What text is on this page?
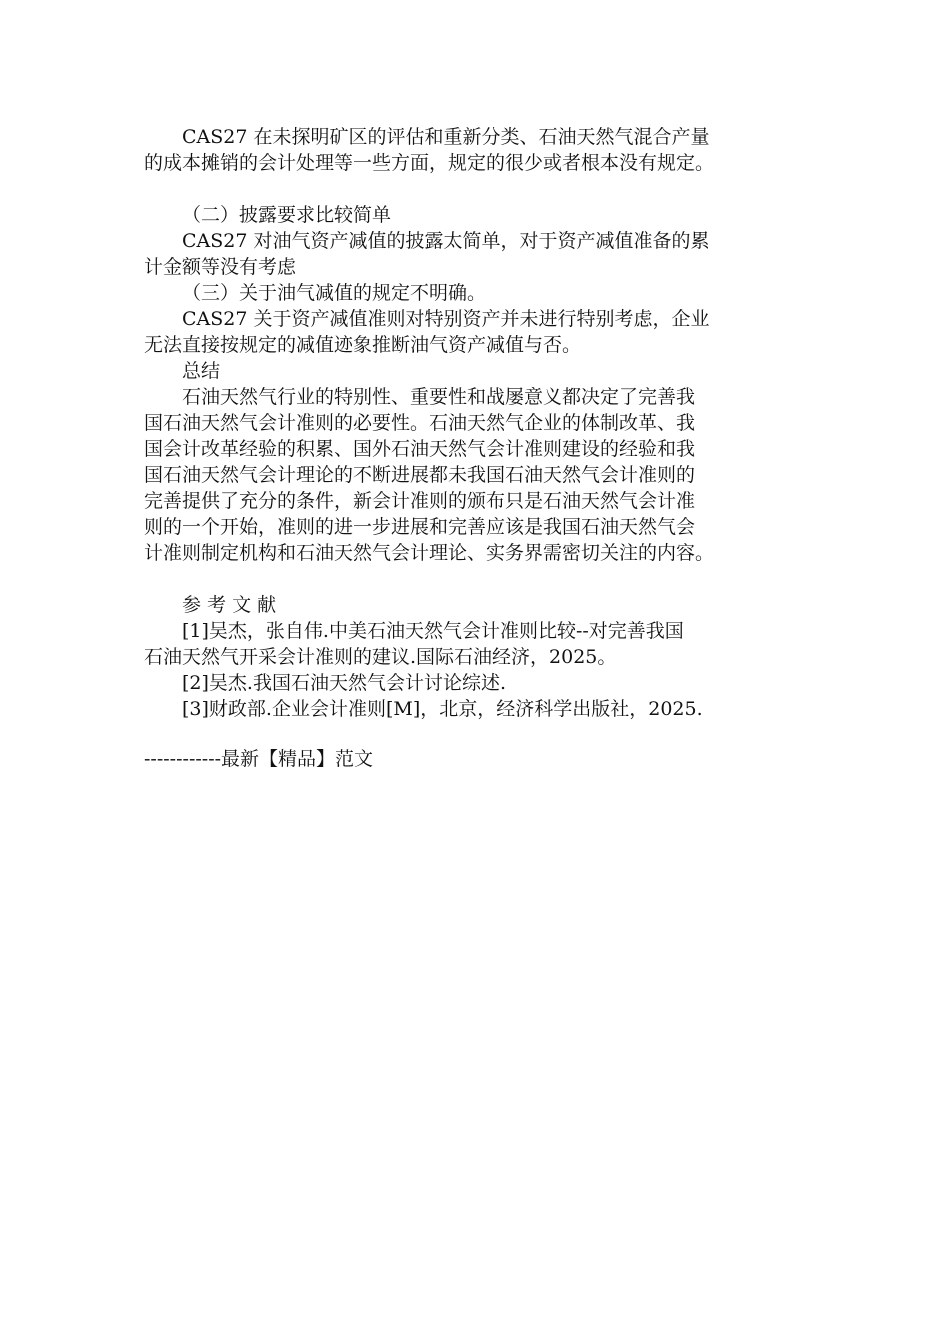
CAS27 在未探明矿区的评估和重新分类、石油天然气混合产量
的成本摊销的会计处理等一些方面，规定的很少或者根本没有规定。
（二）披露要求比较简单
CAS27 对油气资产减值的披露太简单，对于资产减值准备的累
计金额等没有考虑
（三）关于油气减值的规定不明确。
CAS27 关于资产减值准则对特别资产并未进行特别考虑，企业
无法直接按规定的减值迹象推断油气资产减值与否。
总结
石油天然气行业的特别性、重要性和战屡意义都决定了完善我
国石油天然气会计准则的必要性。石油天然气企业的体制改革、我
国会计改革经验的积累、国外石油天然气会计准则建设的经验和我
国石油天然气会计理论的不断进展都未我国石油天然气会计准则的
完善提供了充分的条件，新会计准则的颁布只是石油天然气会计准
则的一个开始，准则的进一步进展和完善应该是我国石油天然气会
计准则制定机构和石油天然气会计理论、实务界需密切关注的内容。
参 考 文 献
[1]吴杰，张自伟.中美石油天然气会计准则比较--对完善我国
石油天然气开采会计准则的建议.国际石油经济，2025。
[2]吴杰.我国石油天然气会计讨论综述.
[3]财政部.企业会计准则[M]，北京，经济科学出版社，2025.
------------最新【精品】范文
